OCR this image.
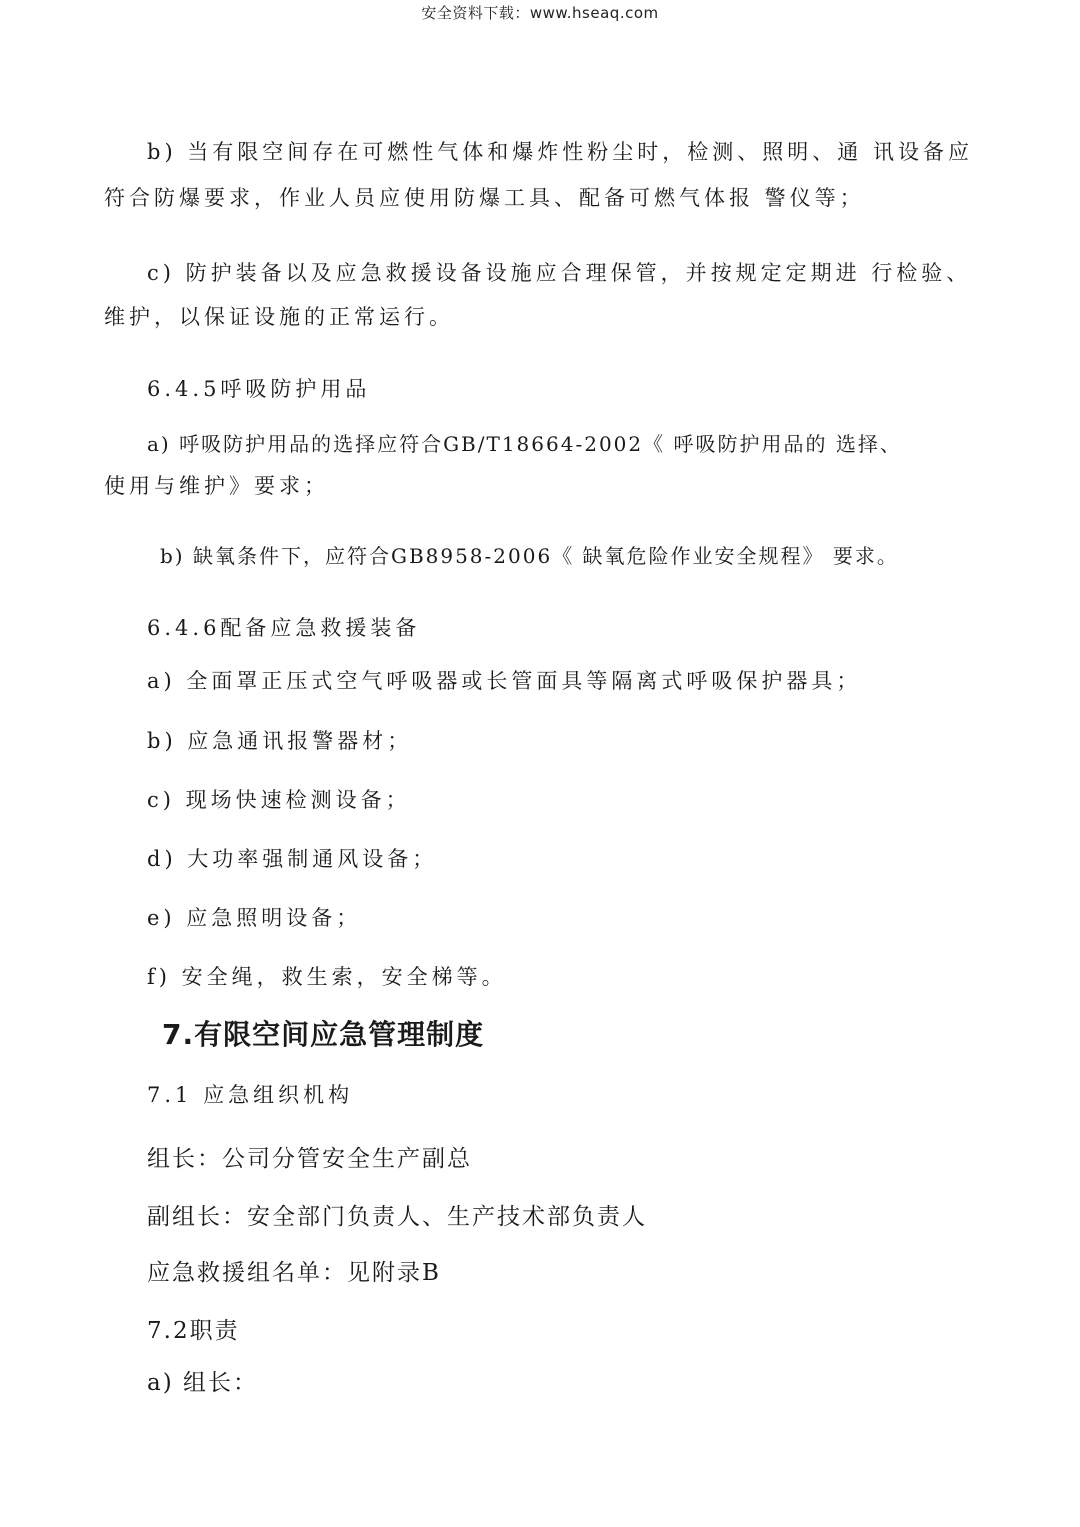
安全资料下载：www.hseaq.com
b) 当有限空间存在可燃性气体和爆炸性粉尘时，检测、照明、通 讯设备应
符合防爆要求，作业人员应使用防爆工具、配备可燃气体报 警仪等；
c) 防护装备以及应急救援设备设施应合理保管，并按规定定期进 行检验、
维护，以保证设施的正常运行。
6.4.5呼吸防护用品
a) 呼吸防护用品的选择应符合GB/T18664-2002《 呼吸防护用品的 选择、
使用与维护》要求；
b) 缺氧条件下，应符合GB8958-2006《 缺氧危险作业安全规程》 要求。
6.4.6配备应急救援装备
a) 全面罩正压式空气呼吸器或长管面具等隔离式呼吸保护器具；
b) 应急通讯报警器材；
c) 现场快速检测设备；
d) 大功率强制通风设备；
e) 应急照明设备；
f) 安全绳，救生索，安全梯等。
7.有限空间应急管理制度
7.1 应急组织机构
组长：公司分管安全生产副总
副组长：安全部门负责人、生产技术部负责人
应急救援组名单：见附录B
7.2职责
a) 组长：
